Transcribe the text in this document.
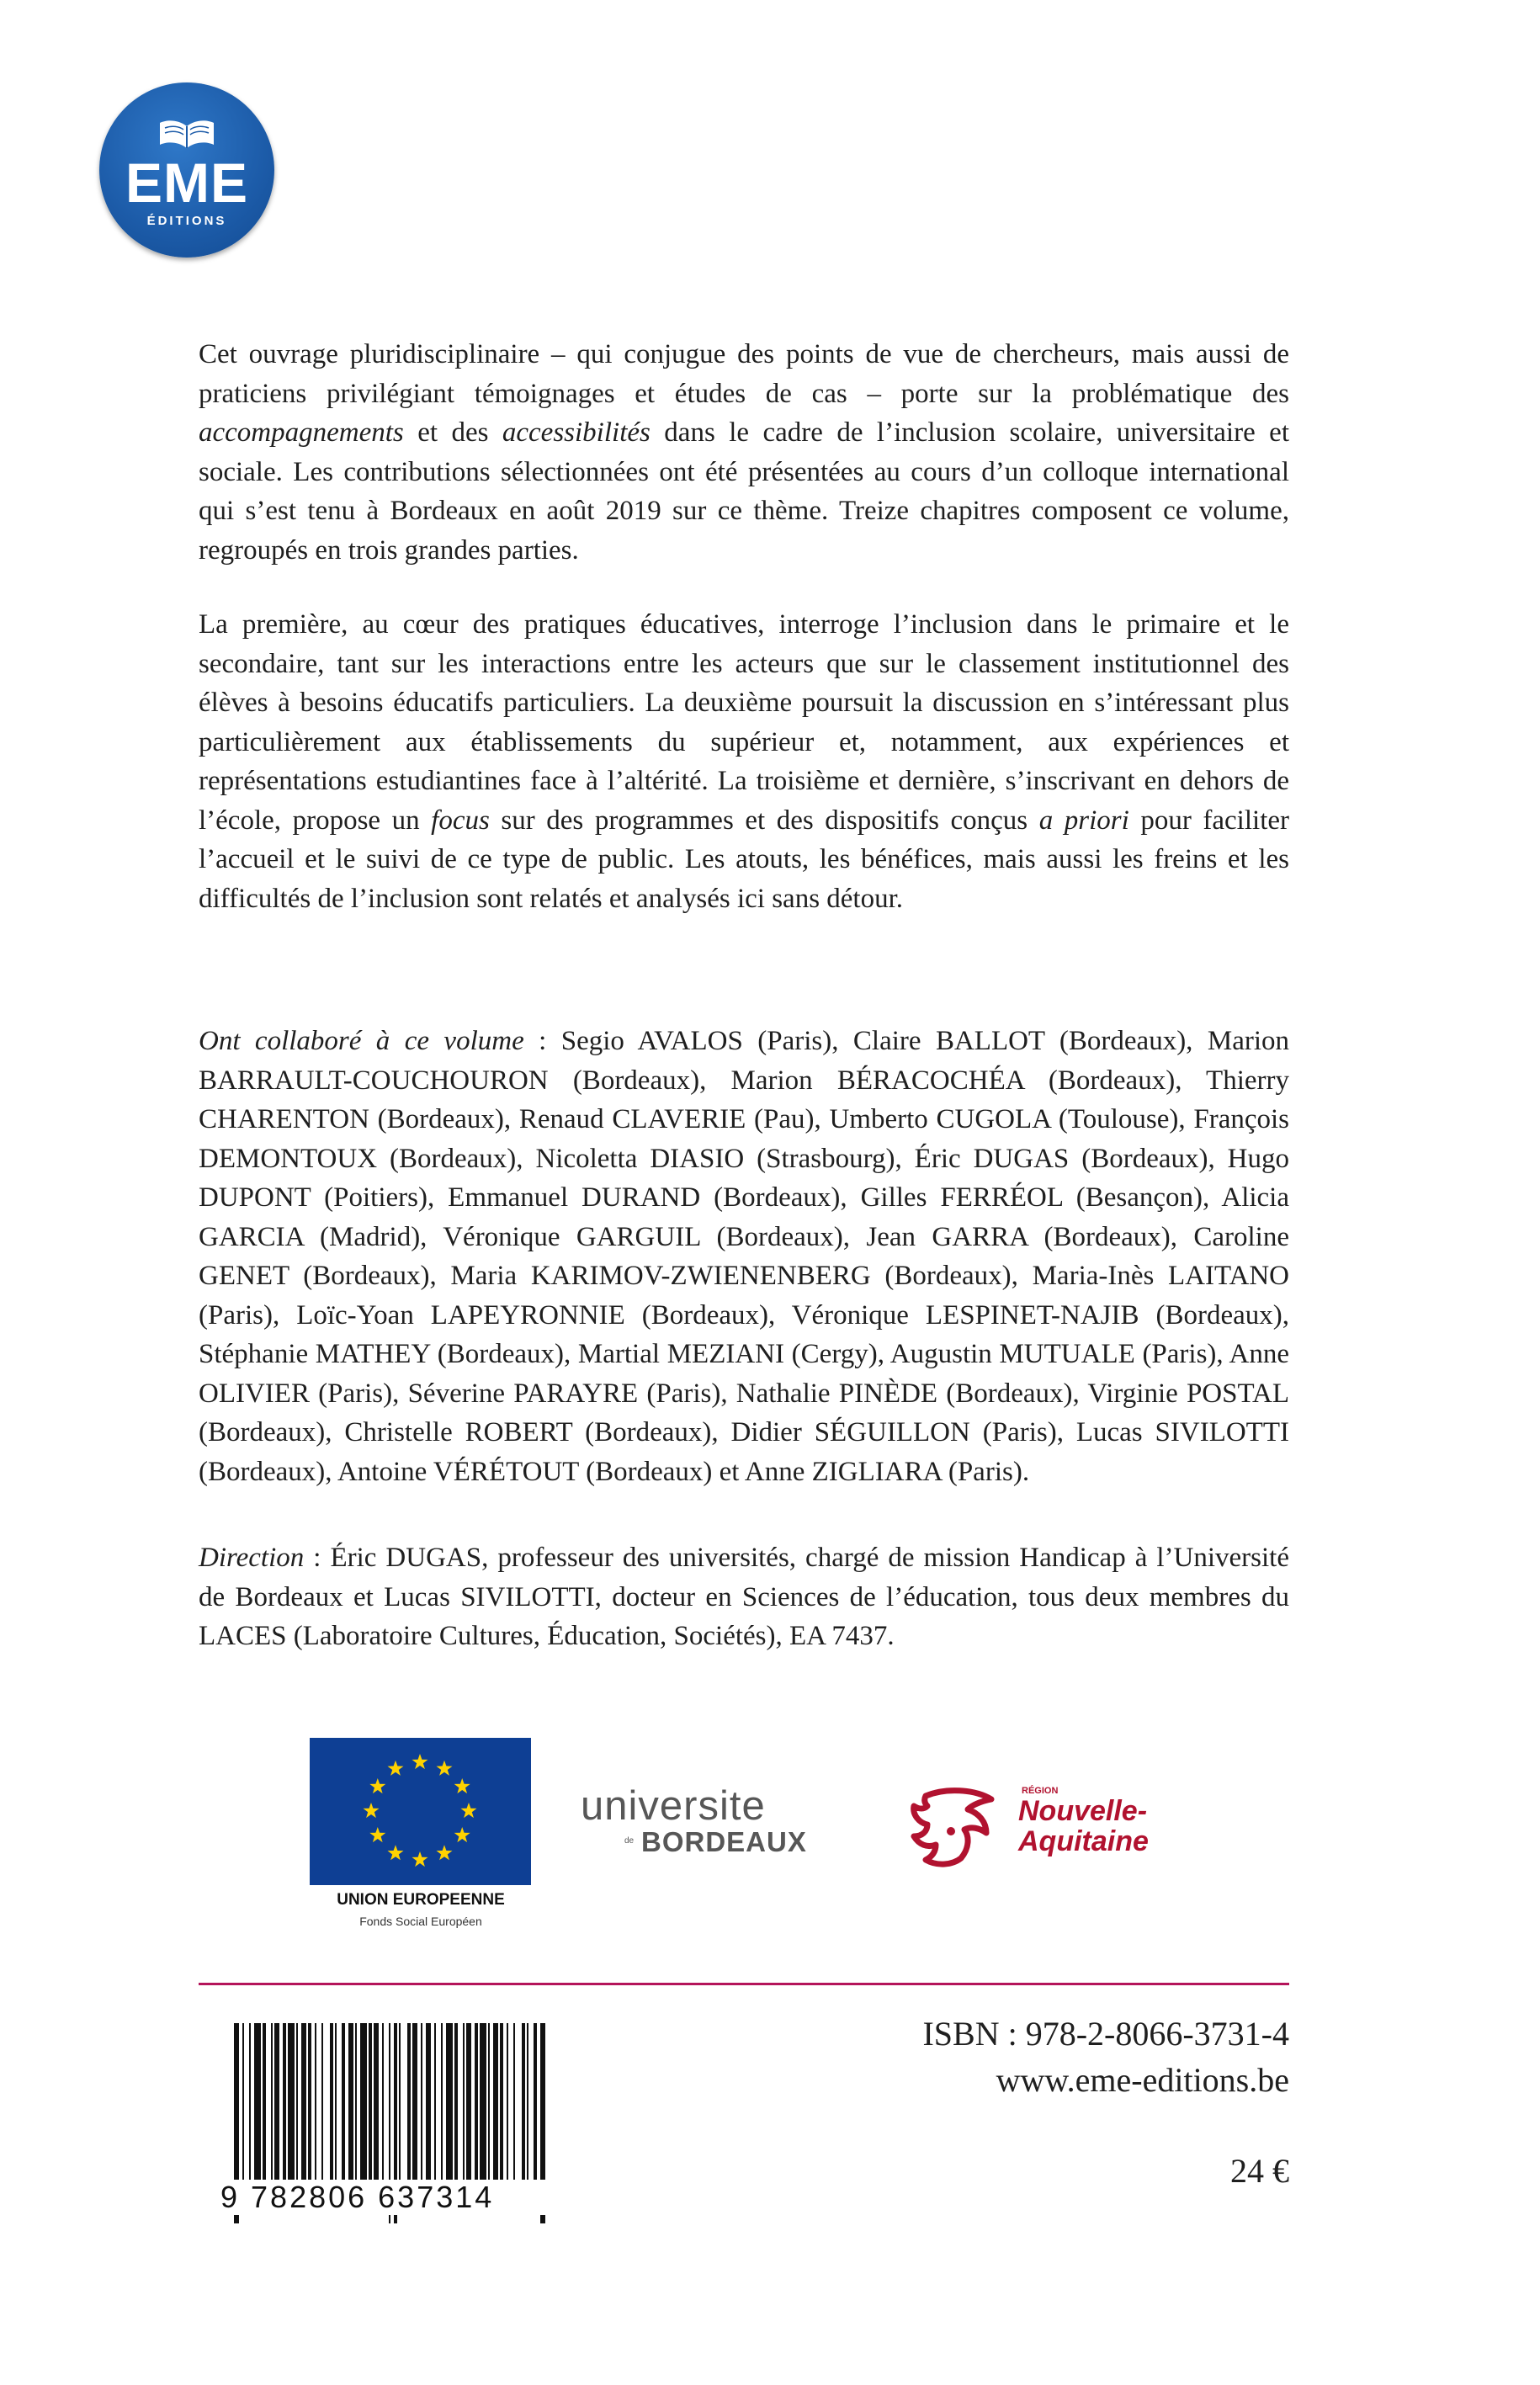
EME
ÉDITIONS

Cet ouvrage pluridisciplinaire – qui conjugue des points de vue de chercheurs, mais aussi de praticiens privilégiant témoignages et études de cas – porte sur la problématique des accompagnements et des accessibilités dans le cadre de l’inclusion scolaire, universitaire et sociale. Les contributions sélectionnées ont été présentées au cours d’un colloque international qui s’est tenu à Bordeaux en août 2019 sur ce thème. Treize chapitres composent ce volume, regroupés en trois grandes parties.

La première, au cœur des pratiques éducatives, interroge l’inclusion dans le primaire et le secondaire, tant sur les interactions entre les acteurs que sur le classement institutionnel des élèves à besoins éducatifs particuliers. La deuxième poursuit la discussion en s’intéressant plus particulièrement aux établissements du supérieur et, notamment, aux expériences et représentations estudiantines face à l’altérité. La troisième et dernière, s’inscrivant en dehors de l’école, propose un focus sur des programmes et des dispositifs conçus a priori pour faciliter l’accueil et le suivi de ce type de public. Les atouts, les bénéfices, mais aussi les freins et les difficultés de l’inclusion sont relatés et analysés ici sans détour.

Ont collaboré à ce volume : Segio AVALOS (Paris), Claire BALLOT (Bordeaux), Marion BARRAULT-COUCHOURON (Bordeaux), Marion BÉRACOCHÉA (Bordeaux), Thierry CHARENTON (Bordeaux), Renaud CLAVERIE (Pau), Umberto CUGOLA (Toulouse), François DEMONTOUX (Bordeaux), Nicoletta DIASIO (Strasbourg), Éric DUGAS (Bordeaux), Hugo DUPONT (Poitiers), Emmanuel DURAND (Bordeaux), Gilles FERRÉOL (Besançon), Alicia GARCIA (Madrid), Véronique GARGUIL (Bordeaux), Jean GARRA (Bordeaux), Caroline GENET (Bordeaux), Maria KARIMOV-ZWIENENBERG (Bordeaux), Maria-Inès LAITANO (Paris), Loïc-Yoan LAPEYRONNIE (Bordeaux), Véronique LESPINET-NAJIB (Bordeaux), Stéphanie MATHEY (Bordeaux), Martial MEZIANI (Cergy), Augustin MUTUALE (Paris), Anne OLIVIER (Paris), Séverine PARAYRE (Paris), Nathalie PINÈDE (Bordeaux), Virginie POSTAL (Bordeaux), Christelle ROBERT (Bordeaux), Didier SÉGUILLON (Paris), Lucas SIVILOTTI (Bordeaux), Antoine VÉRÉTOUT (Bordeaux) et Anne ZIGLIARA (Paris).

Direction : Éric DUGAS, professeur des universités, chargé de mission Handicap à l’Université de Bordeaux et Lucas SIVILOTTI, docteur en Sciences de l’éducation, tous deux membres du LACES (Laboratoire Cultures, Éducation, Sociétés), EA 7437.

UNION EUROPEENNE
Fonds Social Européen
universite
de BORDEAUX
RÉGION
Nouvelle-
Aquitaine
9 782806 637314
ISBN : 978-2-8066-3731-4
www.eme-editions.be
24 €
